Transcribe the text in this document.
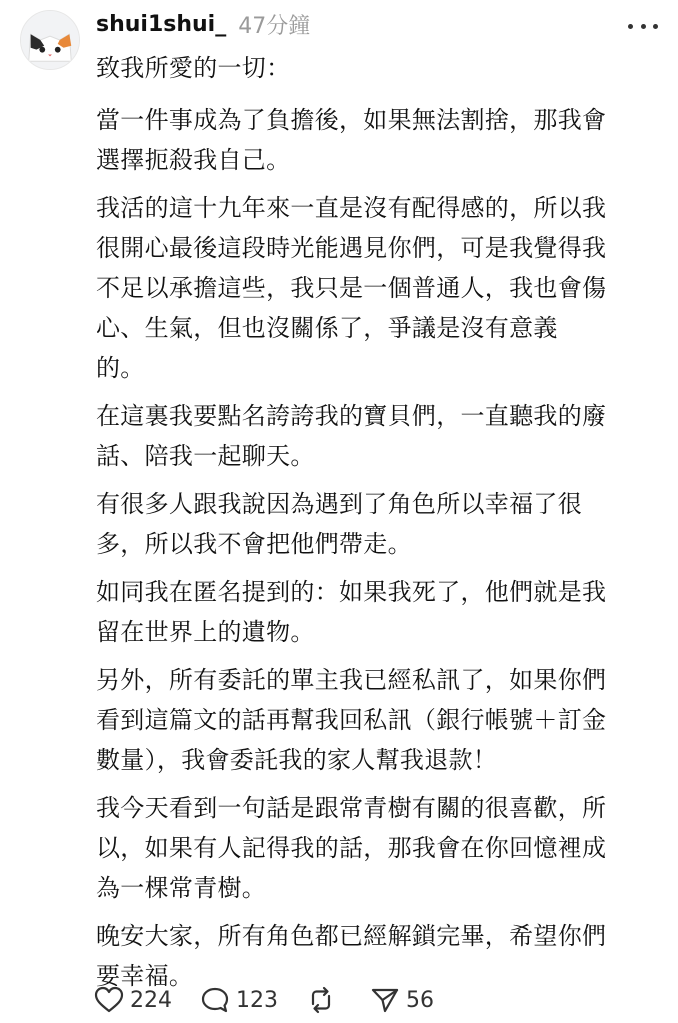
shui1shui_ 47分鐘

致我所愛的一切：

當一件事成為了負擔後，如果無法割捨，那我會
選擇扼殺我自己。

我活的這十九年來一直是沒有配得感的，所以我
很開心最後這段時光能遇見你們，可是我覺得我
不足以承擔這些，我只是一個普通人，我也會傷
心、生氣，但也沒關係了，爭議是沒有意義
的。

在這裏我要點名誇誇我的寶貝們，一直聽我的廢
話、陪我一起聊天。

有很多人跟我說因為遇到了角色所以幸福了很
多，所以我不會把他們帶走。

如同我在匿名提到的：如果我死了，他們就是我
留在世界上的遺物。

另外，所有委託的單主我已經私訊了，如果你們
看到這篇文的話再幫我回私訊（銀行帳號＋訂金
數量），我會委託我的家人幫我退款！

我今天看到一句話是跟常青樹有關的很喜歡，所
以，如果有人記得我的話，那我會在你回憶裡成
為一棵常青樹。

晚安大家，所有角色都已經解鎖完畢，希望你們
要幸福。

224	123	56
